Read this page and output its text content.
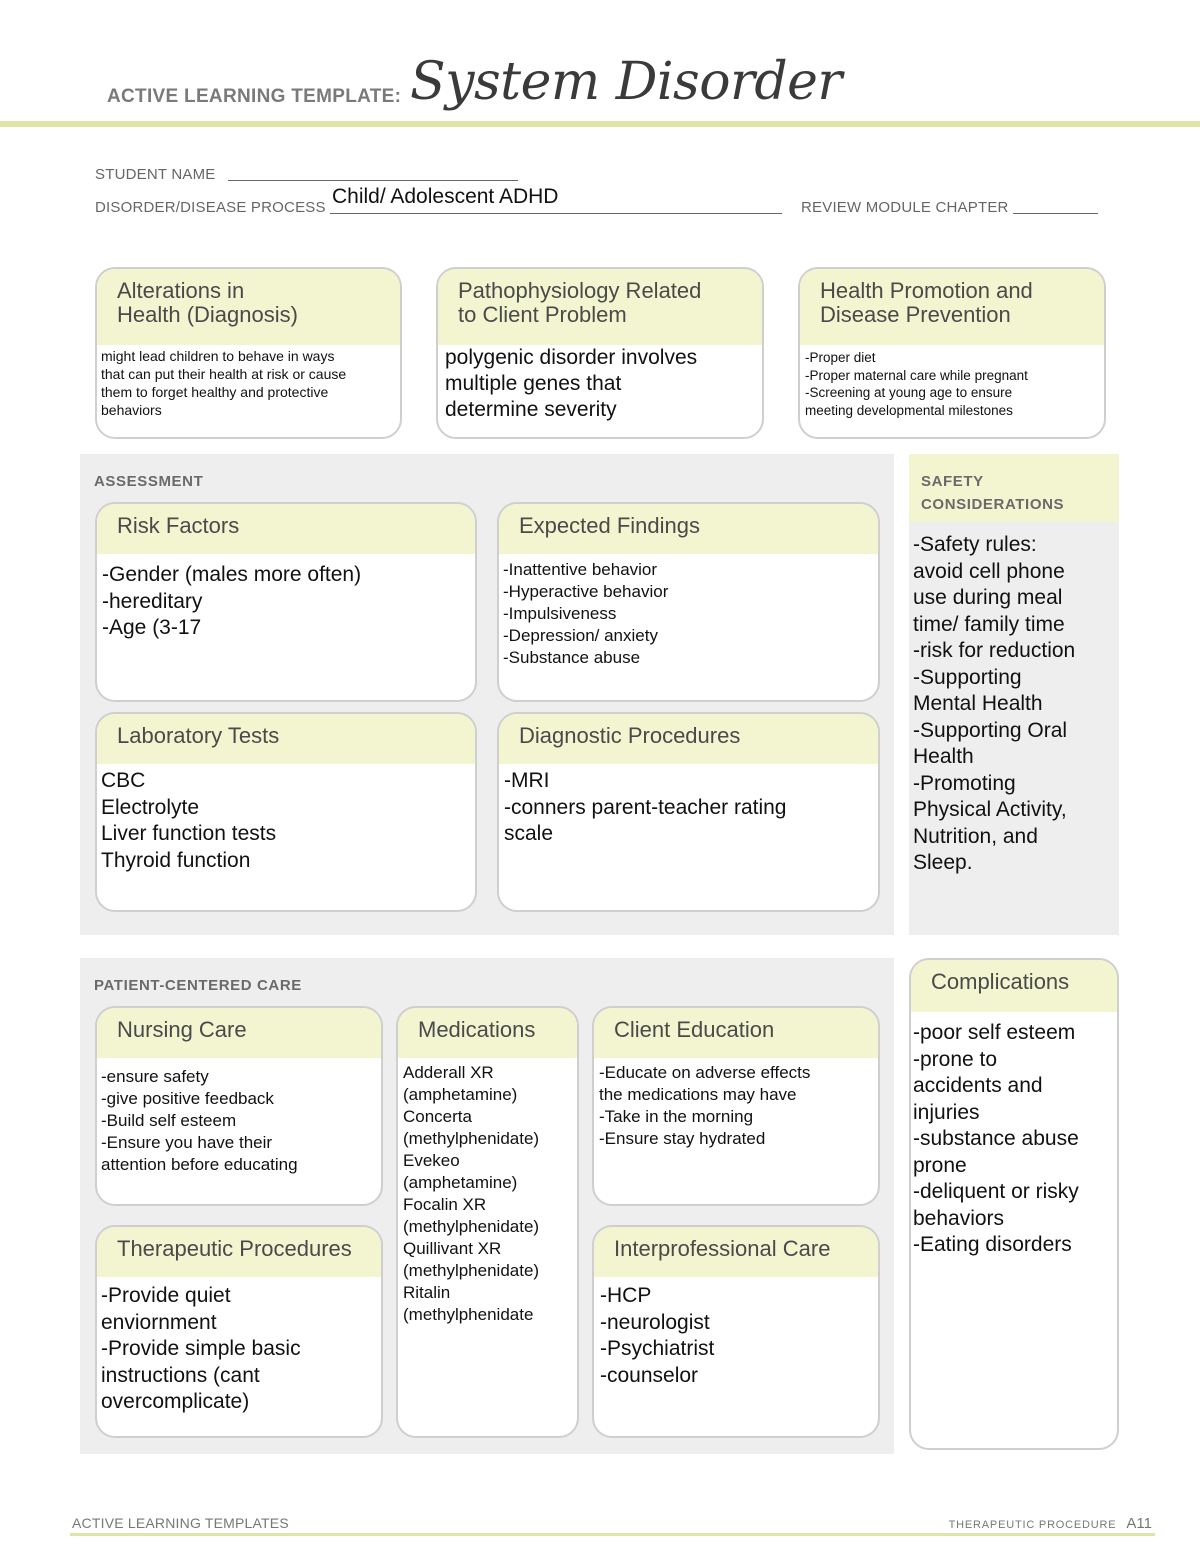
ACTIVE LEARNING TEMPLATE: System Disorder
STUDENT NAME
DISORDER/DISEASE PROCESS Child/ Adolescent ADHD	REVIEW MODULE CHAPTER
Alterations in
Health (Diagnosis)
might lead children to behave in ways
that can put their health at risk or cause
them to forget healthy and protective
behaviors
Pathophysiology Related
to Client Problem
polygenic disorder involves
multiple genes that
determine severity
Health Promotion and
Disease Prevention
-Proper diet
-Proper maternal care while pregnant
-Screening at young age to ensure
meeting developmental milestones
ASSESSMENT
Risk Factors
-Gender (males more often)
-hereditary
-Age (3-17
Expected Findings
-Inattentive behavior
-Hyperactive behavior
-Impulsiveness
-Depression/ anxiety
-Substance abuse
Laboratory Tests
CBC
Electrolyte
Liver function tests
Thyroid function
Diagnostic Procedures
-MRI
-conners parent-teacher rating
scale
SAFETY
CONSIDERATIONS
-Safety rules:
avoid cell phone
use during meal
time/ family time
-risk for reduction
-Supporting
Mental Health
-Supporting Oral
Health
-Promoting
Physical Activity,
Nutrition, and
Sleep.
PATIENT-CENTERED CARE
Nursing Care
-ensure safety
-give positive feedback
-Build self esteem
-Ensure you have their
attention before educating
Medications
Adderall XR
(amphetamine)
Concerta
(methylphenidate)
Evekeo
(amphetamine)
Focalin XR
(methylphenidate)
Quillivant XR
(methylphenidate)
Ritalin
(methylphenidate
Client Education
-Educate on adverse effects
the medications may have
-Take in the morning
-Ensure stay hydrated
Therapeutic Procedures
-Provide quiet
enviornment
-Provide simple basic
instructions (cant
overcomplicate)
Interprofessional Care
-HCP
-neurologist
-Psychiatrist
-counselor
Complications
-poor self esteem
-prone to
accidents and
injuries
-substance abuse
prone
-deliquent or risky
behaviors
-Eating disorders
ACTIVE LEARNING TEMPLATES	THERAPEUTIC PROCEDURE A11
